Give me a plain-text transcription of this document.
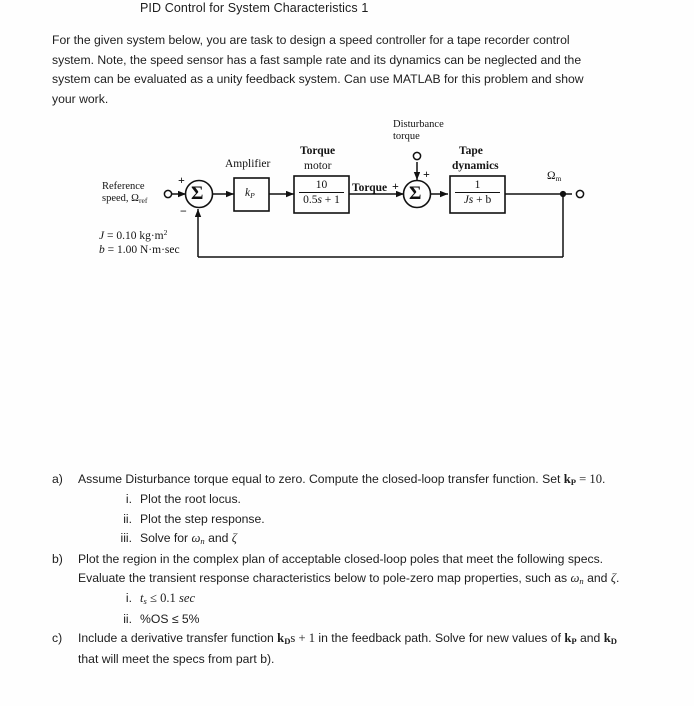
PID Control for System Characteristics 1
For the given system below, you are task to design a speed controller for a tape recorder control system. Note, the speed sensor has a fast sample rate and its dynamics can be neglected and the system can be evaluated as a unity feedback system. Can use MATLAB for this problem and show your work.
Reference
speed, Ωref
+
−
Σ
Amplifier
kP
Torque
motor
10
0.5s + 1
Torque
Disturbance
torque
+
+
Σ
Tape
dynamics
1
Js + b
Ωm
J = 0.10 $kg\cdot m^2$
b = 1.00 N·m·sec
a)	Assume Disturbance torque equal to zero. Compute the closed-loop transfer function. Set kP = 10.
i. Plot the root locus.
ii. Plot the step response.
iii. Solve for ωn and ζ
b)	Plot the region in the complex plan of acceptable closed-loop poles that meet the following specs. Evaluate the transient response characteristics below to pole-zero map properties, such as ωn and ζ.
i. ts ≤ 0.1 sec
ii. %OS ≤ 5%
c)	Include a derivative transfer function kDs + 1 in the feedback path. Solve for new values of kP and kD that will meet the specs from part b).
